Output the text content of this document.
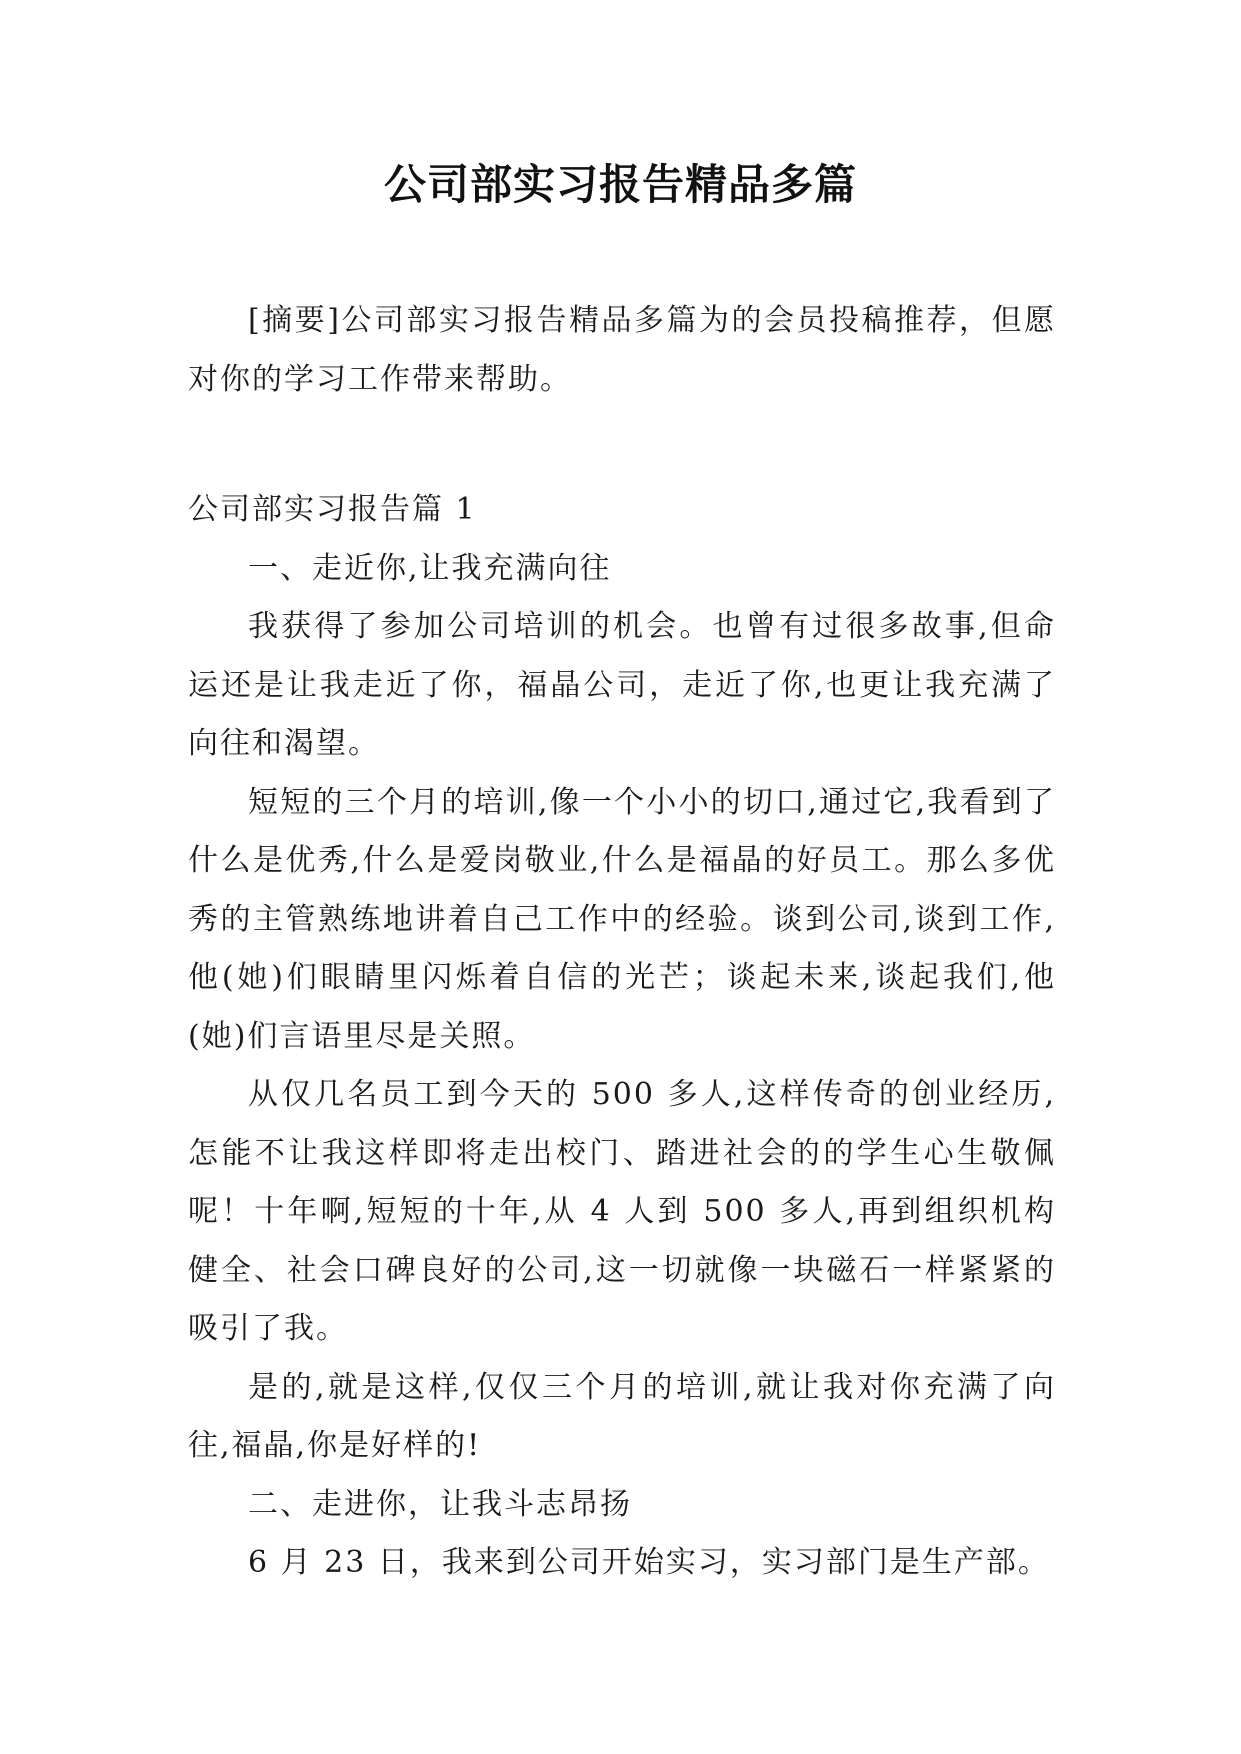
公司部实习报告精品多篇

[摘要]公司部实习报告精品多篇为的会员投稿推荐，但愿对你的学习工作带来帮助。

公司部实习报告篇 1

一、走近你,让我充满向往

我获得了参加公司培训的机会。也曾有过很多故事,但命运还是让我走近了你，福晶公司，走近了你,也更让我充满了向往和渴望。

短短的三个月的培训,像一个小小的切口,通过它,我看到了什么是优秀,什么是爱岗敬业,什么是福晶的好员工。那么多优秀的主管熟练地讲着自己工作中的经验。谈到公司,谈到工作,他(她)们眼睛里闪烁着自信的光芒；谈起未来,谈起我们,他(她)们言语里尽是关照。

从仅几名员工到今天的 500 多人,这样传奇的创业经历,怎能不让我这样即将走出校门、踏进社会的的学生心生敬佩呢！十年啊,短短的十年,从 4 人到 500 多人,再到组织机构健全、社会口碑良好的公司,这一切就像一块磁石一样紧紧的吸引了我。

是的,就是这样,仅仅三个月的培训,就让我对你充满了向往,福晶,你是好样的!

二、走进你，让我斗志昂扬

6 月 23 日，我来到公司开始实习，实习部门是生产部。
